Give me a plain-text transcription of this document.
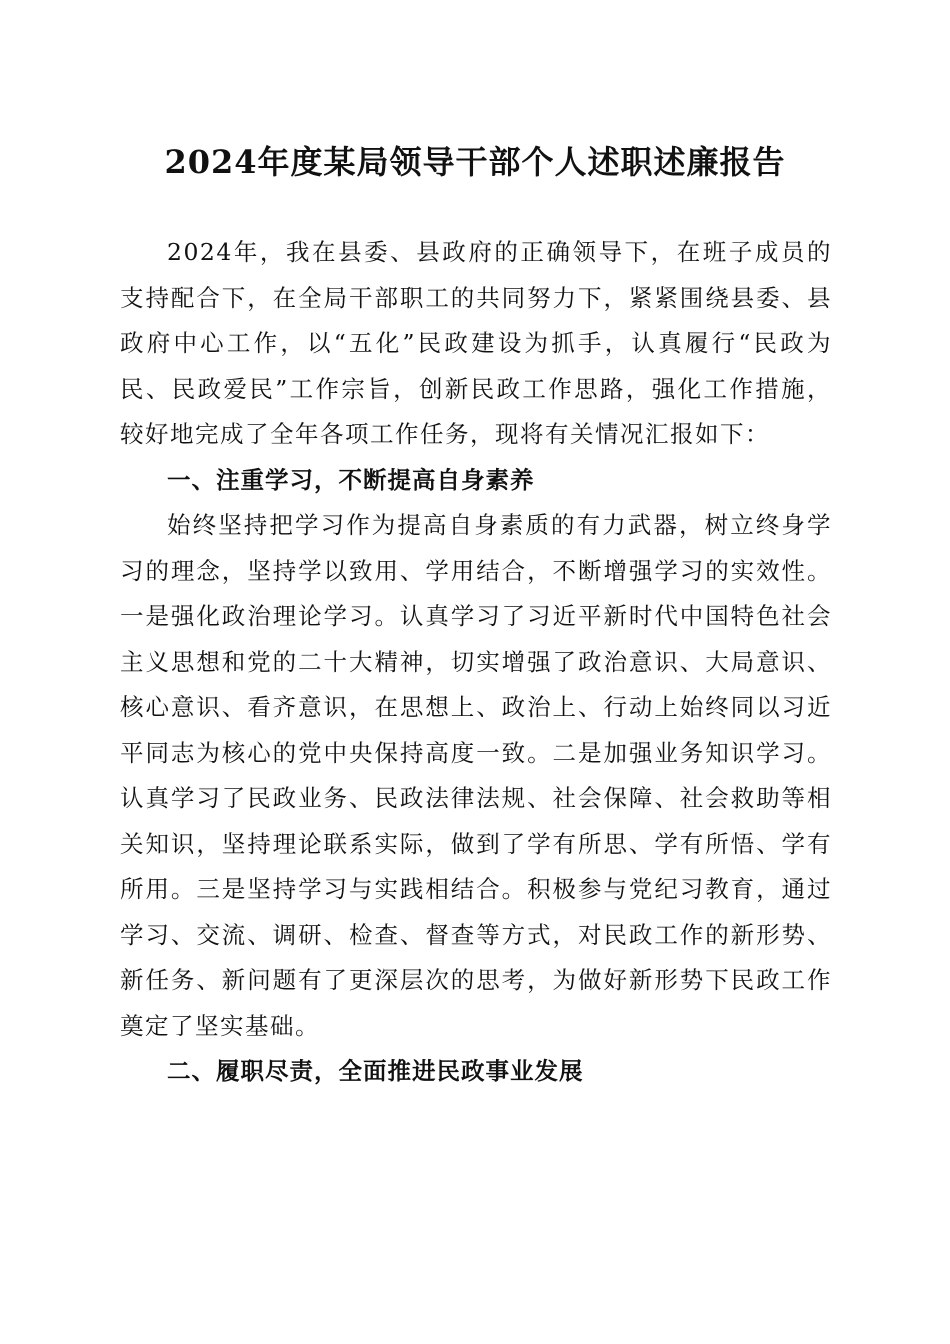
2024年度某局领导干部个人述职述廉报告

2024年，我在县委、县政府的正确领导下，在班子成员的支持配合下，在全局干部职工的共同努力下，紧紧围绕县委、县政府中心工作，以“五化”民政建设为抓手，认真履行“民政为民、民政爱民”工作宗旨，创新民政工作思路，强化工作措施，较好地完成了全年各项工作任务，现将有关情况汇报如下：

一、注重学习，不断提高自身素养

始终坚持把学习作为提高自身素质的有力武器，树立终身学习的理念，坚持学以致用、学用结合，不断增强学习的实效性。一是强化政治理论学习。认真学习了习近平新时代中国特色社会主义思想和党的二十大精神，切实增强了政治意识、大局意识、核心意识、看齐意识，在思想上、政治上、行动上始终同以习近平同志为核心的党中央保持高度一致。二是加强业务知识学习。认真学习了民政业务、民政法律法规、社会保障、社会救助等相关知识，坚持理论联系实际，做到了学有所思、学有所悟、学有所用。三是坚持学习与实践相结合。积极参与党纪习教育，通过学习、交流、调研、检查、督查等方式，对民政工作的新形势、新任务、新问题有了更深层次的思考，为做好新形势下民政工作奠定了坚实基础。

二、履职尽责，全面推进民政事业发展
